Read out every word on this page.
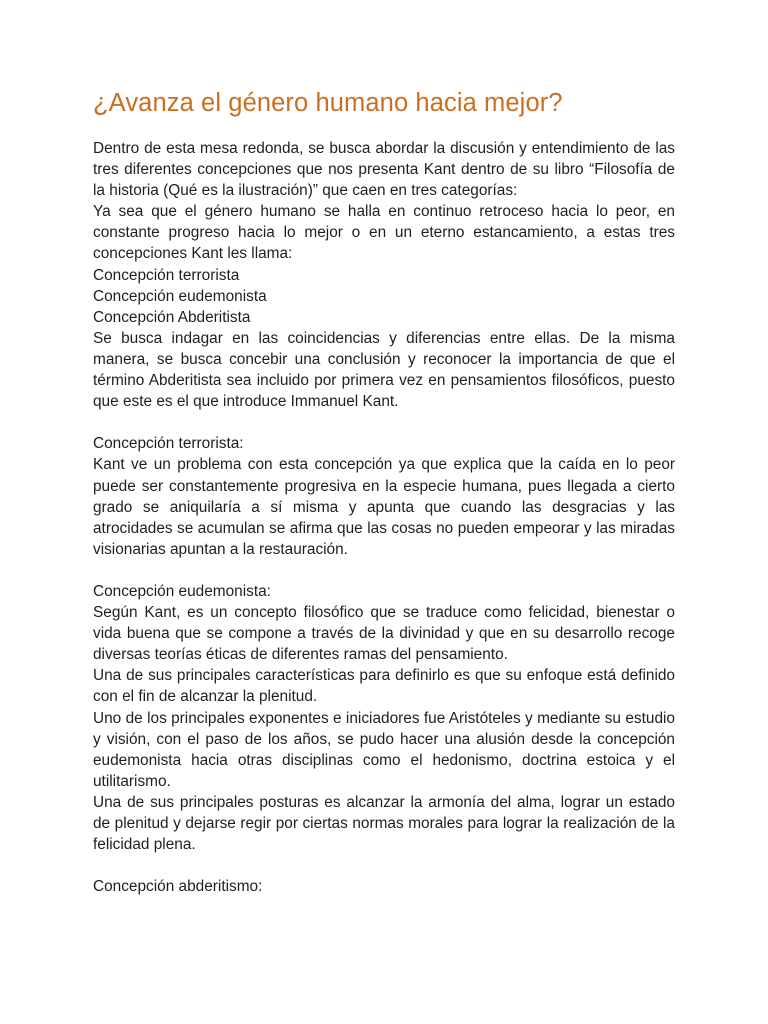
¿Avanza el género humano hacia mejor?

Dentro de esta mesa redonda, se busca abordar la discusión y entendimiento de las tres diferentes concepciones que nos presenta Kant dentro de su libro “Filosofía de la historia (Qué es la ilustración)” que caen en tres categorías:

Ya sea que el género humano se halla en continuo retroceso hacia lo peor, en constante progreso hacia lo mejor o en un eterno estancamiento, a estas tres concepciones Kant les llama:

Concepción terrorista

Concepción eudemonista

Concepción Abderitista

Se busca indagar en las coincidencias y diferencias entre ellas. De la misma manera, se busca concebir una conclusión y reconocer la importancia de que el término Abderitista sea incluido por primera vez en pensamientos filosóficos, puesto que este es el que introduce Immanuel Kant.

Concepción terrorista:

Kant ve un problema con esta concepción ya que explica que la caída en lo peor puede ser constantemente progresiva en la especie humana, pues llegada a cierto grado se aniquilaría a sí misma y apunta que cuando las desgracias y las atrocidades se acumulan se afirma que las cosas no pueden empeorar y las miradas visionarias apuntan a la restauración.

Concepción eudemonista:

Según Kant, es un concepto filosófico que se traduce como felicidad, bienestar o vida buena que se compone a través de la divinidad y que en su desarrollo recoge diversas teorías éticas de diferentes ramas del pensamiento.

Una de sus principales características para definirlo es que su enfoque está definido con el fin de alcanzar la plenitud.

Uno de los principales exponentes e iniciadores fue Aristóteles y mediante su estudio y visión, con el paso de los años, se pudo hacer una alusión desde la concepción eudemonista hacia otras disciplinas como el hedonismo, doctrina estoica y el utilitarismo.

Una de sus principales posturas es alcanzar la armonía del alma, lograr un estado de plenitud y dejarse regir por ciertas normas morales para lograr la realización de la felicidad plena.

Concepción abderitismo:
